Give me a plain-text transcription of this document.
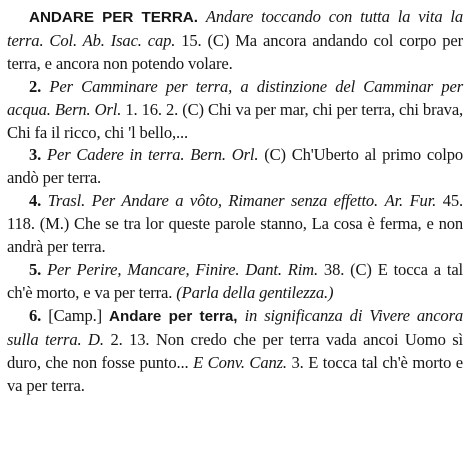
ANDARE PER TERRA. Andare toccando con tutta la vita la terra. Col. Ab. Isac. cap. 15. (C) Ma ancora andando col corpo per terra, e ancora non potendo volare.

2. Per Camminare per terra, a distinzione del Camminar per acqua. Bern. Orl. 1. 16. 2. (C) Chi va per mar, chi per terra, chi brava, Chi fa il ricco, chi 'l bello,...

3. Per Cadere in terra. Bern. Orl. (C) Ch'Uberto al primo colpo andò per terra.

4. Trasl. Per Andare a vôto, Rimaner senza effetto. Ar. Fur. 45. 118. (M.) Che se tra lor queste parole stanno, La cosa è ferma, e non andrà per terra.

5. Per Perire, Mancare, Finire. Dant. Rim. 38. (C) E tocca a tal ch'è morto, e va per terra. (Parla della gentilezza.)

6. [Camp.] Andare per terra, in significanza di Vivere ancora sulla terra. D. 2. 13. Non credo che per terra vada ancoi Uomo sì duro, che non fosse punto... E Conv. Canz. 3. E tocca tal ch'è morto e va per terra.
